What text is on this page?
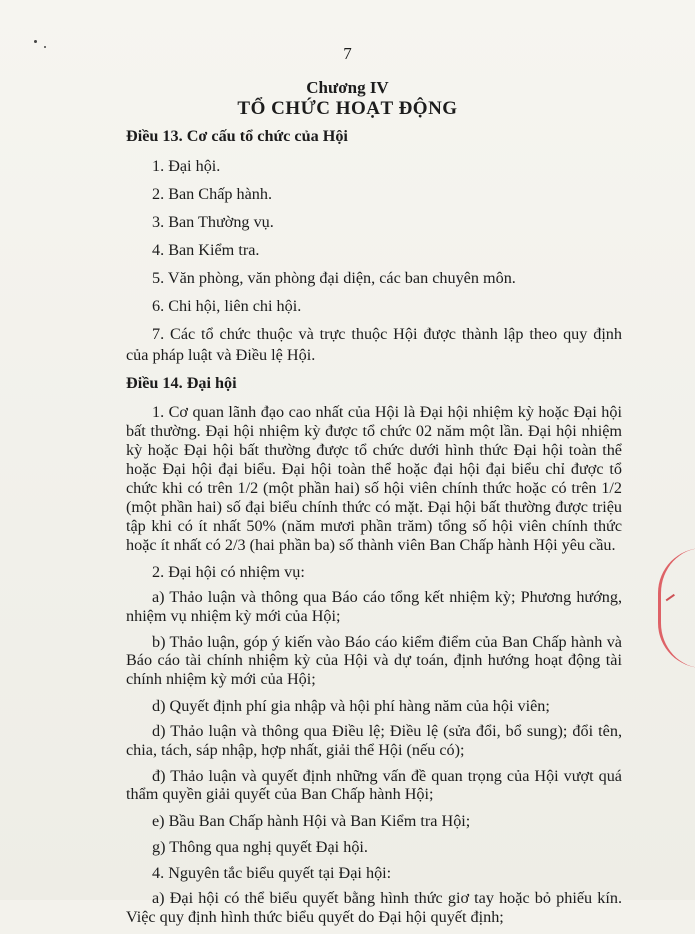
7
Chương IV
TỔ CHỨC HOẠT ĐỘNG
Điều 13. Cơ cấu tổ chức của Hội
1. Đại hội.
2. Ban Chấp hành.
3. Ban Thường vụ.
4. Ban Kiểm tra.
5. Văn phòng, văn phòng đại diện, các ban chuyên môn.
6. Chi hội, liên chi hội.
7. Các tổ chức thuộc và trực thuộc Hội được thành lập theo quy định của pháp luật và Điều lệ Hội.
Điều 14. Đại hội
1. Cơ quan lãnh đạo cao nhất của Hội là Đại hội nhiệm kỳ hoặc Đại hội bất thường. Đại hội nhiệm kỳ được tổ chức 02 năm một lần. Đại hội nhiệm kỳ hoặc Đại hội bất thường được tổ chức dưới hình thức Đại hội toàn thể hoặc Đại hội đại biểu. Đại hội toàn thể hoặc đại hội đại biểu chỉ được tổ chức khi có trên 1/2 (một phần hai) số hội viên chính thức hoặc có trên 1/2 (một phần hai) số đại biểu chính thức có mặt. Đại hội bất thường được triệu tập khi có ít nhất 50% (năm mươi phần trăm) tổng số hội viên chính thức hoặc ít nhất có 2/3 (hai phần ba) số thành viên Ban Chấp hành Hội yêu cầu.
2. Đại hội có nhiệm vụ:
a) Thảo luận và thông qua Báo cáo tổng kết nhiệm kỳ; Phương hướng, nhiệm vụ nhiệm kỳ mới của Hội;
b) Thảo luận, góp ý kiến vào Báo cáo kiểm điểm của Ban Chấp hành và Báo cáo tài chính nhiệm kỳ của Hội và dự toán, định hướng hoạt động tài chính nhiệm kỳ mới của Hội;
d) Quyết định phí gia nhập và hội phí hàng năm của hội viên;
d) Thảo luận và thông qua Điều lệ; Điều lệ (sửa đổi, bổ sung); đổi tên, chia, tách, sáp nhập, hợp nhất, giải thể Hội (nếu có);
đ) Thảo luận và quyết định những vấn đề quan trọng của Hội vượt quá thẩm quyền giải quyết của Ban Chấp hành Hội;
e) Bầu Ban Chấp hành Hội và Ban Kiểm tra Hội;
g) Thông qua nghị quyết Đại hội.
4. Nguyên tắc biểu quyết tại Đại hội:
a) Đại hội có thể biểu quyết bằng hình thức giơ tay hoặc bỏ phiếu kín. Việc quy định hình thức biểu quyết do Đại hội quyết định;
